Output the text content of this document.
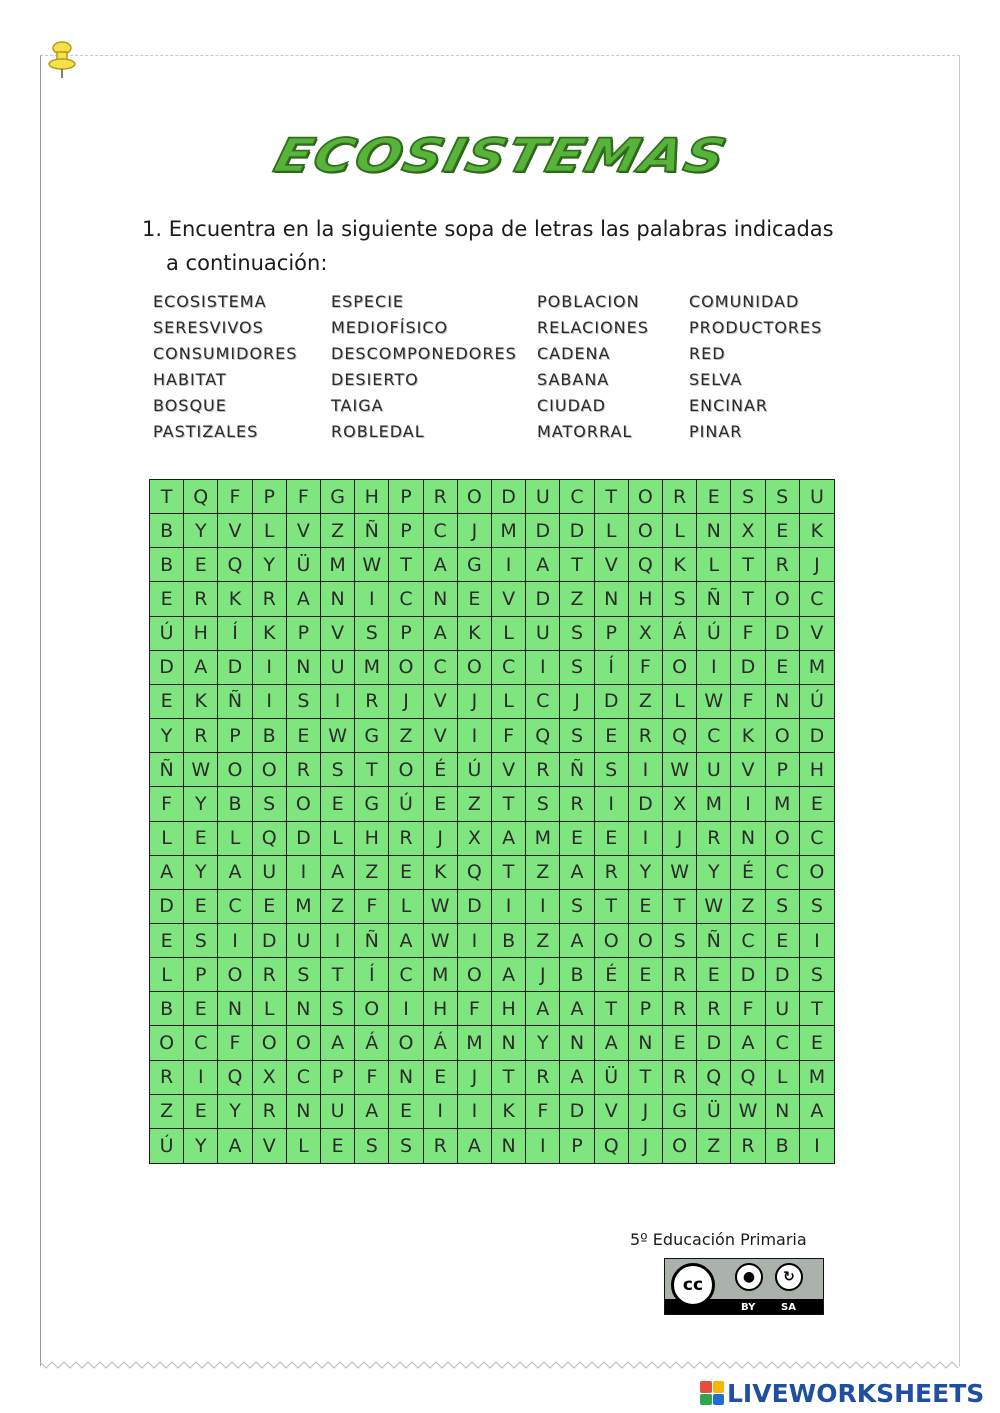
ECOSISTEMAS
1. Encuentra en la siguiente sopa de letras las palabras indicadas
a continuación:
ECOSISTEMA	ESPECIE	POBLACION	COMUNIDAD
SERESVIVOS	MEDIOFÍSICO	RELACIONES	PRODUCTORES
CONSUMIDORES DESCOMPONEDORES CADENA	RED
HABITAT	DESIERTO	SABANA	SELVA
BOSQUE	TAIGA	CIUDAD	ENCINAR
PASTIZALES	ROBLEDAL	MATORRAL	PINAR
T	Q	F	P	F	G	H	P	R	O	D	U	C	T	O	R	E	S	S	U
B	Y	V	L	V	Z	Ñ	P	C	J	M D	D	L	O	L	N	X	E	K
B	E	Q	Y	Ü	M W	T	A	G	I	A	T	V	Q	K	L	T	R	J
E	R	K	R	A	N	I	C	N	E	V	D	Z	N	H	S	Ñ	T	O	C
Ú	H	Í	K	P	V	S	P	A	K	L	U	S	P	X	Á	Ú	F	D	V
D	A	D	I	N	U	M O	C	O	C	I	S	Í	F	O	I	D	E	M
E	K	Ñ	I	S	I	R	J	V	J	L	C	J	D	Z	L	W	F	N	Ú
Y	R	P	B	E W G	Z	V	I	F	Q	S	E	R	Q	C	K	O	D
Ñ W O	O	R	S	T	O	É	Ú	V	R	Ñ	S	I	W U	V	P	H
F	Y	B	S	O	E	G	Ú	E	Z	T	S	R	I	D	X	M	I	M	E
L	E	L	Q	D	L	H	R	J	X	A	M	E	E	I	J	R	N	O	C
A	Y	A	U	I	A	Z	E	K	Q	T	Z	A	R	Y W	Y	É	C	O
D	E	C	E	M	Z	F	L	W D	I	I	S	T	E	T	W Z	S	S
E	S	I	D	U	I	Ñ	A W	I	B	Z	A	O	O	S	Ñ	C	E	I
L	P	O	R	S	T	Í	C	M O	A	J	B	É	E	R	E	D	D	S
B	E	N	L	N	S	O	I	H	F	H	A	A	T	P	R	R	F	U	T
O	C	F	O	O	A	Á	O	Á	M N	Y	N	A	N	E	D	A	C	E
R	I	Q	X	C	P	F	N	E	J	T	R	A	Ü	T	R	Q	Q	L	M
Z	E	Y	R	N	U	A	E	I	I	K	F	D	V	J	G	Ü W N	A
Ú	Y	A	V	L	E	S	S	R	A	N	I	P	Q	J	O	Z	R	B	I
5º Educación Primaria
cc	●	↻
BY	SA
LIVEWORKSHEETS
